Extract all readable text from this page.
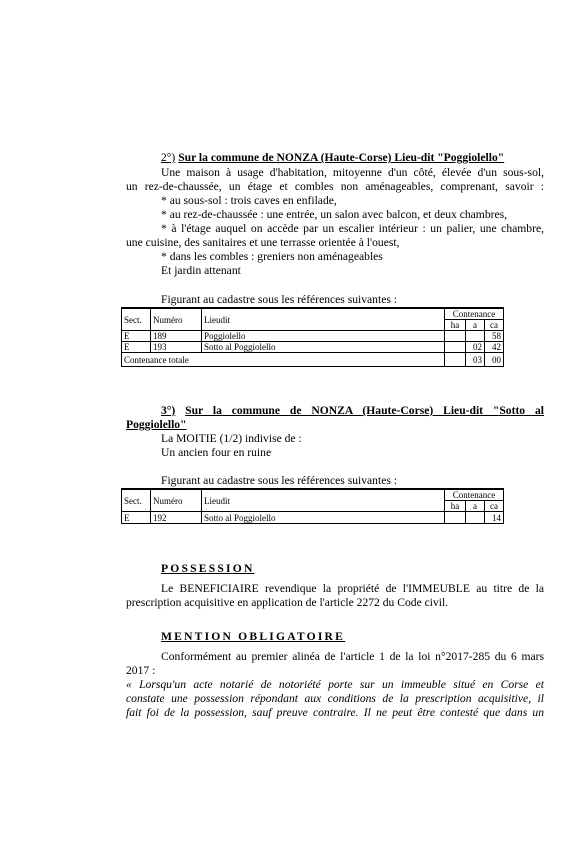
2°) Sur la commune de NONZA (Haute-Corse) Lieu-dit "Poggiolello"
Une maison à usage d'habitation, mitoyenne d'un côté, élevée d'un sous-sol,
un rez-de-chaussée, un étage et combles non aménageables, comprenant, savoir :
* au sous-sol : trois caves en enfilade,
* au rez-de-chaussée : une entrée, un salon avec balcon, et deux chambres,
* à l'étage auquel on accède par un escalier intérieur : un palier, une chambre,
une cuisine, des sanitaires et une terrasse orientée à l'ouest,
* dans les combles : greniers non aménageables
Et jardin attenant
Figurant au cadastre sous les références suivantes :
Sect.	Numéro	Lieudit	Contenance		
			ha	a	ca
E	189	Poggiolello			58
E	193	Sotto al Poggiolello		02	42
Contenance totale				03	00
3°) Sur la commune de NONZA (Haute-Corse) Lieu-dit "Sotto al
Poggiolello"
La MOITIE (1/2) indivise de :
Un ancien four en ruine
Figurant au cadastre sous les références suivantes :
Sect.	Numéro	Lieudit	Contenance		
			ha	a	ca
E	192	Sotto al Poggiolello			14
POSSESSION
Le BENEFICIAIRE revendique la propriété de l'IMMEUBLE au titre de la
prescription acquisitive en application de l'article 2272 du Code civil.
MENTION OBLIGATOIRE
Conformément au premier alinéa de l'article 1 de la loi n°2017-285 du 6 mars
2017 :
« Lorsqu'un acte notarié de notoriété porte sur un immeuble situé en Corse et
constate une possession répondant aux conditions de la prescription acquisitive, il
fait foi de la possession, sauf preuve contraire. Il ne peut être contesté que dans un
